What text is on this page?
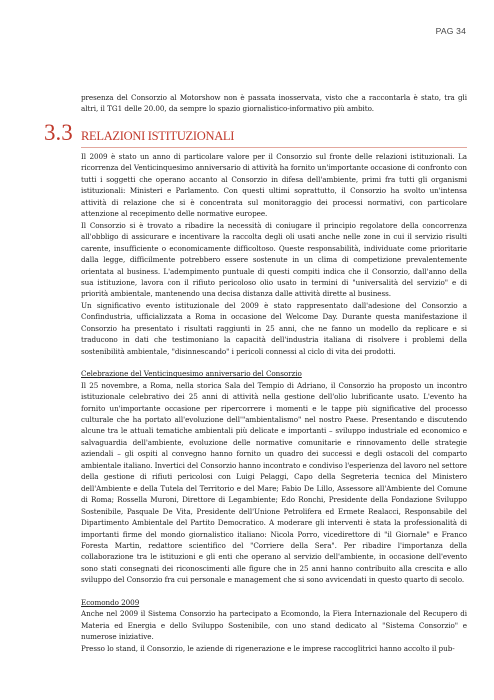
PAG 34
presenza del Consorzio al Motorshow non è passata inosservata, visto che a raccontarla è stato, tra gli altri, il TG1 delle 20.00, da sempre lo spazio giornalistico-informativo più ambito.
3.3 RELAZIONI ISTITUZIONALI

Il 2009 è stato un anno di particolare valore per il Consorzio sul fronte delle relazioni istituzionali. La ricorrenza del Venticinquesimo anniversario di attività ha fornito un'importante occasione di confronto con tutti i soggetti che operano accanto al Consorzio in difesa dell'ambiente, primi fra tutti gli organismi istituzionali: Ministeri e Parlamento. Con questi ultimi soprattutto, il Consorzio ha svolto un'intensa attività di relazione che si è concentrata sul monitoraggio dei processi normativi, con particolare attenzione al recepimento delle normative europee.

Il Consorzio si è trovato a ribadire la necessità di coniugare il principio regolatore della concorrenza all'obbligo di assicurare e incentivare la raccolta degli oli usati anche nelle zone in cui il servizio risulti carente, insufficiente o economicamente difficoltoso. Queste responsabilità, individuate come prioritarie dalla legge, difficilmente potrebbero essere sostenute in un clima di competizione prevalentemente orientata al business. L'adempimento puntuale di questi compiti indica che il Consorzio, dall'anno della sua istituzione, lavora con il rifiuto pericoloso olio usato in termini di "universalità del servizio" e di priorità ambientale, mantenendo una decisa distanza dalle attività dirette al business.

Un significativo evento istituzionale del 2009 è stato rappresentato dall'adesione del Consorzio a Confindustria, ufficializzata a Roma in occasione del Welcome Day. Durante questa manifestazione il Consorzio ha presentato i risultati raggiunti in 25 anni, che ne fanno un modello da replicare e si traducono in dati che testimoniano la capacità dell'industria italiana di risolvere i problemi della sostenibilità ambientale, "disinnescando" i pericoli connessi al ciclo di vita dei prodotti.

Celebrazione del Venticinquesimo anniversario del Consorzio

Il 25 novembre, a Roma, nella storica Sala del Tempio di Adriano, il Consorzio ha proposto un incontro istituzionale celebrativo dei 25 anni di attività nella gestione dell'olio lubrificante usato. L'evento ha fornito un'importante occasione per ripercorrere i momenti e le tappe più significative del processo culturale che ha portato all'evoluzione dell'"ambientalismo" nel nostro Paese. Presentando e discutendo alcune tra le attuali tematiche ambientali più delicate e importanti – sviluppo industriale ed economico e salvaguardia dell'ambiente, evoluzione delle normative comunitarie e rinnovamento delle strategie aziendali – gli ospiti al convegno hanno fornito un quadro dei successi e degli ostacoli del comparto ambientale italiano. Invertici del Consorzio hanno incontrato e condiviso l'esperienza del lavoro nel settore della gestione di rifiuti pericolosi con Luigi Pelaggi, Capo della Segreteria tecnica del Ministero dell'Ambiente e della Tutela del Territorio e del Mare; Fabio De Lillo, Assessore all'Ambiente del Comune di Roma; Rossella Muroni, Direttore di Legambiente; Edo Ronchi, Presidente della Fondazione Sviluppo Sostenibile, Pasquale De Vita, Presidente dell'Unione Petrolifera ed Ermete Realacci, Responsabile del Dipartimento Ambientale del Partito Democratico. A moderare gli interventi è stata la professionalità di importanti firme del mondo giornalistico italiano: Nicola Porro, vicedirettore di "il Giornale" e Franco Foresta Martin, redattore scientifico del "Corriere della Sera". Per ribadire l'importanza della collaborazione tra le istituzioni e gli enti che operano al servizio dell'ambiente, in occasione dell'evento sono stati consegnati dei riconoscimenti alle figure che in 25 anni hanno contribuito alla crescita e allo sviluppo del Consorzio fra cui personale e management che si sono avvicendati in questo quarto di secolo.

Ecomondo 2009

Anche nel 2009 il Sistema Consorzio ha partecipato a Ecomondo, la Fiera Internazionale del Recupero di Materia ed Energia e dello Sviluppo Sostenibile, con uno stand dedicato al "Sistema Consorzio" e numerose iniziative.

Presso lo stand, il Consorzio, le aziende di rigenerazione e le imprese raccoglitrici hanno accolto il pub-
